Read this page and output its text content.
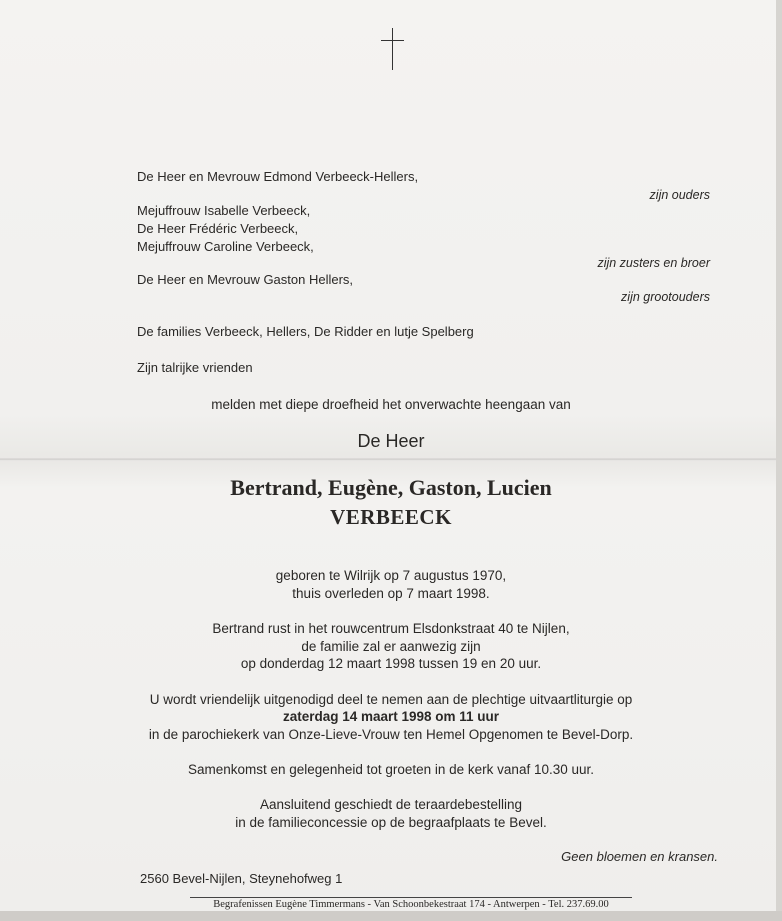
De Heer en Mevrouw Edmond Verbeeck-Hellers,
zijn ouders
Mejuffrouw Isabelle Verbeeck,
De Heer Frédéric Verbeeck,
Mejuffrouw Caroline Verbeeck,
zijn zusters en broer
De Heer en Mevrouw Gaston Hellers,
zijn grootouders
De families Verbeeck, Hellers, De Ridder en lutje Spelberg
Zijn talrijke vrienden
melden met diepe droefheid het onverwachte heengaan van
De Heer
Bertrand, Eugène, Gaston, Lucien
VERBEECK
geboren te Wilrijk op 7 augustus 1970,
thuis overleden op 7 maart 1998.
Bertrand rust in het rouwcentrum Elsdonkstraat 40 te Nijlen,
de familie zal er aanwezig zijn
op donderdag 12 maart 1998 tussen 19 en 20 uur.
U wordt vriendelijk uitgenodigd deel te nemen aan de plechtige uitvaartliturgie op
zaterdag 14 maart 1998 om 11 uur
in de parochiekerk van Onze-Lieve-Vrouw ten Hemel Opgenomen te Bevel-Dorp.
Samenkomst en gelegenheid tot groeten in de kerk vanaf 10.30 uur.
Aansluitend geschiedt de teraardebestelling
in de familieconcessie op de begraafplaats te Bevel.
Geen bloemen en kransen.
2560 Bevel-Nijlen, Steynehofweg 1
Begrafenissen Eugène Timmermans - Van Schoonbekestraat 174 - Antwerpen - Tel. 237.69.00
